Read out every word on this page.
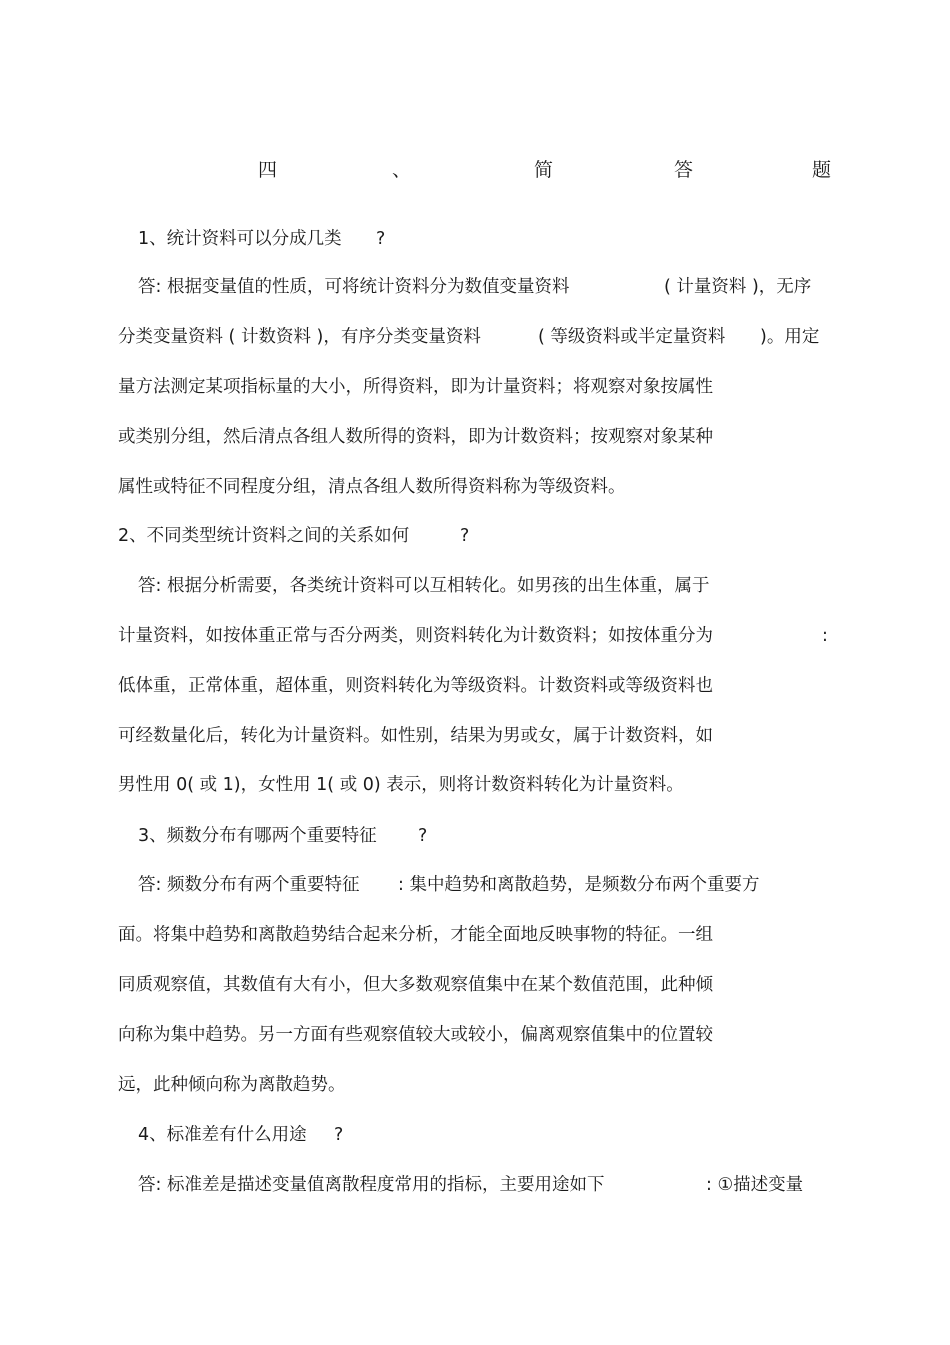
四	、	简	答	题
1、统计资料可以分成几类 ?
答: 根据变量值的性质，可将统计资料分为数值变量资料	( 计量资料 )，无序
分类变量资料 ( 计数资料 )，有序分类变量资料	( 等级资料或半定量资料 )。用定
量方法测定某项指标量的大小，所得资料，即为计量资料；将观察对象按属性
或类别分组，然后清点各组人数所得的资料，即为计数资料；按观察对象某种
属性或特征不同程度分组，清点各组人数所得资料称为等级资料。
2、不同类型统计资料之间的关系如何	?
答: 根据分析需要，各类统计资料可以互相转化。如男孩的出生体重，属于
计量资料，如按体重正常与否分两类，则资料转化为计数资料；如按体重分为	:
低体重，正常体重，超体重，则资料转化为等级资料。计数资料或等级资料也
可经数量化后，转化为计量资料。如性别，结果为男或女，属于计数资料，如
男性用 0( 或 1)，女性用 1( 或 0) 表示，则将计数资料转化为计量资料。
3、频数分布有哪两个重要特征 ?
答: 频数分布有两个重要特征 : 集中趋势和离散趋势，是频数分布两个重要方
面。将集中趋势和离散趋势结合起来分析，才能全面地反映事物的特征。一组
同质观察值，其数值有大有小，但大多数观察值集中在某个数值范围，此种倾
向称为集中趋势。另一方面有些观察值较大或较小，偏离观察值集中的位置较
远，此种倾向称为离散趋势。
4、标准差有什么用途 ?
答: 标准差是描述变量值离散程度常用的指标，主要用途如下	: ①描述变量
